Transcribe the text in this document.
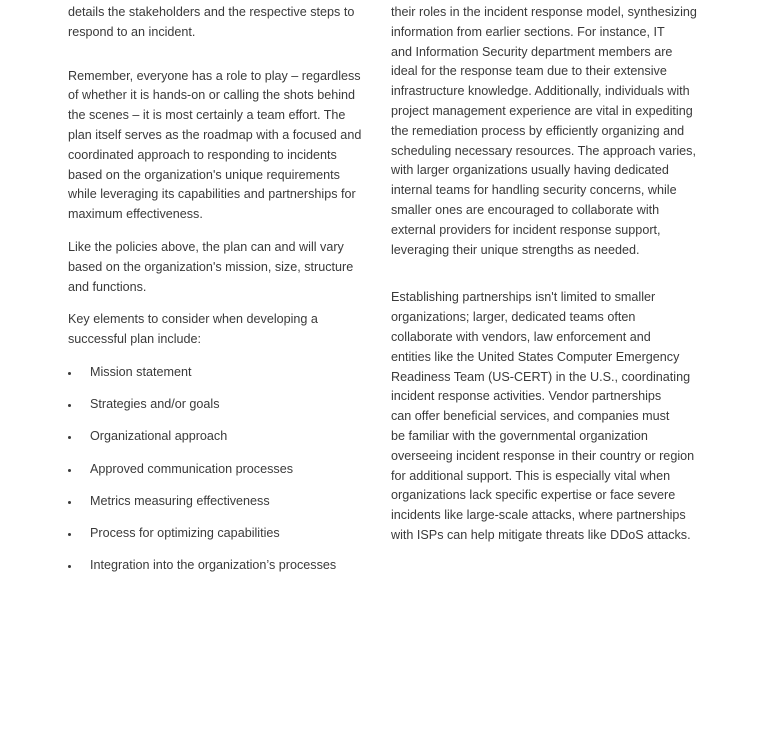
details the stakeholders and the respective steps to
respond to an incident.

Remember, everyone has a role to play – regardless
of whether it is hands-on or calling the shots behind
the scenes – it is most certainly a team effort. The
plan itself serves as the roadmap with a focused and
coordinated approach to responding to incidents
based on the organization's unique requirements
while leveraging its capabilities and partnerships for
maximum effectiveness.

Like the policies above, the plan can and will vary
based on the organization's mission, size, structure
and functions.

Key elements to consider when developing a
successful plan include:

Mission statement
Strategies and/or goals
Organizational approach
Approved communication processes
Metrics measuring effectiveness
Process for optimizing capabilities
Integration into the organization’s processes

their roles in the incident response model, synthesizing
information from earlier sections. For instance, IT
and Information Security department members are
ideal for the response team due to their extensive
infrastructure knowledge. Additionally, individuals with
project management experience are vital in expediting
the remediation process by efficiently organizing and
scheduling necessary resources. The approach varies,
with larger organizations usually having dedicated
internal teams for handling security concerns, while
smaller ones are encouraged to collaborate with
external providers for incident response support,
leveraging their unique strengths as needed.

Establishing partnerships isn't limited to smaller
organizations; larger, dedicated teams often
collaborate with vendors, law enforcement and
entities like the United States Computer Emergency
Readiness Team (US-CERT) in the U.S., coordinating
incident response activities. Vendor partnerships
can offer beneficial services, and companies must
be familiar with the governmental organization
overseeing incident response in their country or region
for additional support. This is especially vital when
organizations lack specific expertise or face severe
incidents like large-scale attacks, where partnerships
with ISPs can help mitigate threats like DDoS attacks.
